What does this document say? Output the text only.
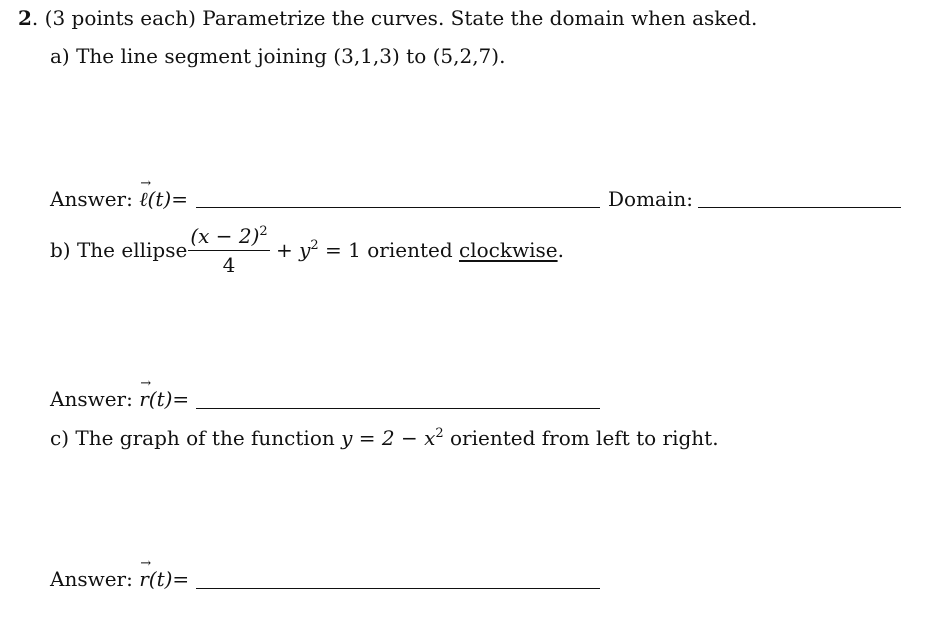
2. (3 points each) Parametrize the curves. State the domain when asked.
a) The line segment joining (3,1,3) to (5,2,7).
Answer:
→
ℓ(t)=	Domain:
b) The ellipse
$(x - 2)^2$
4
+ $y^2 = 1$ oriented clockwise.
Answer:
→
r(t)=
c) The graph of the function $y = 2 - x^2$ oriented from left to right.
Answer:
→
r(t)=
